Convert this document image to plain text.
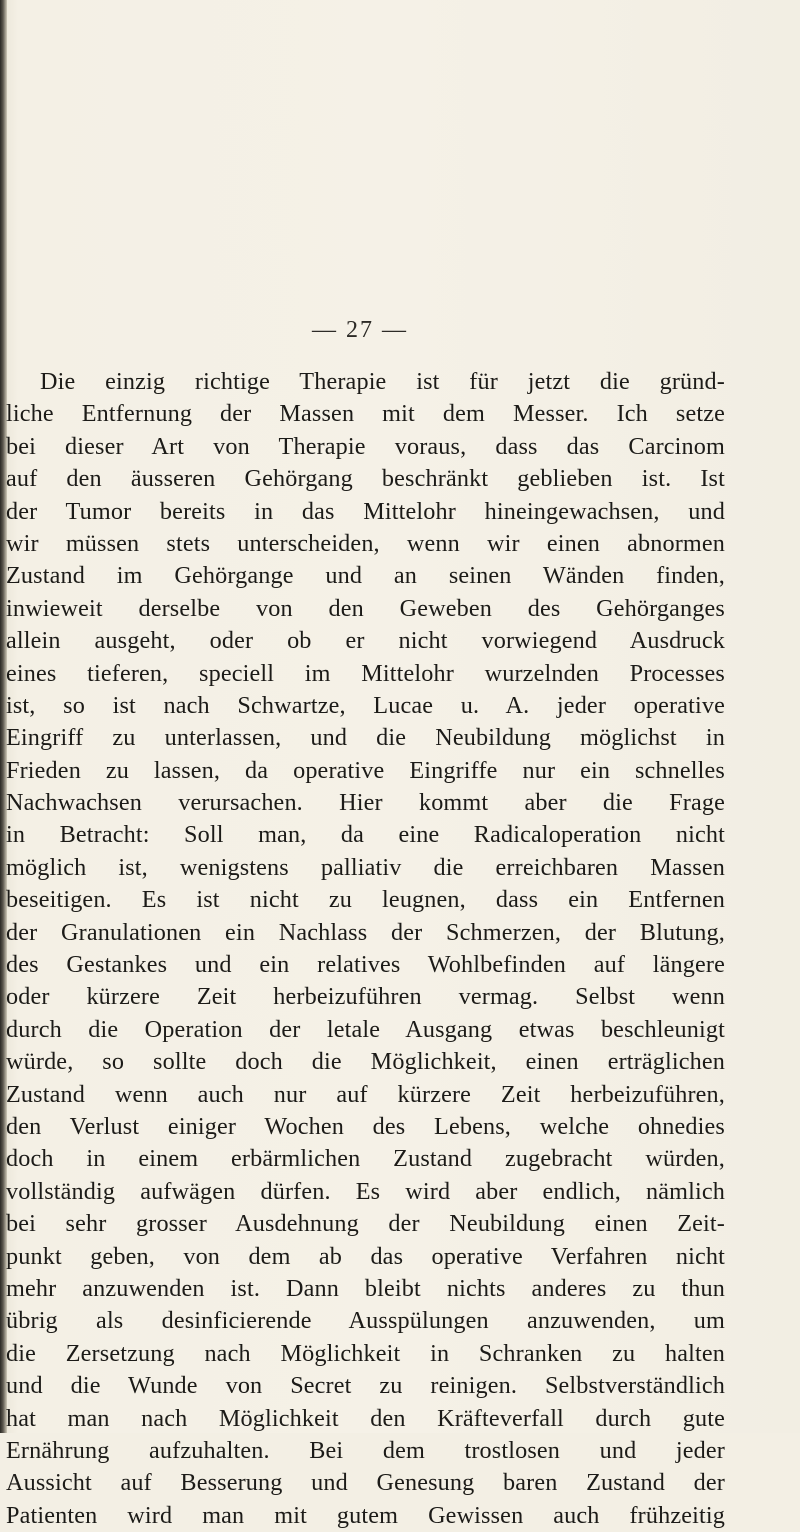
— 27 —
Die einzig richtige Therapie ist für jetzt die gründ-
liche Entfernung der Massen mit dem Messer. Ich setze
bei dieser Art von Therapie voraus, dass das Carcinom
auf den äusseren Gehörgang beschränkt geblieben ist. Ist
der Tumor bereits in das Mittelohr hineingewachsen, und
wir müssen stets unterscheiden, wenn wir einen abnormen
Zustand im Gehörgange und an seinen Wänden finden,
inwieweit derselbe von den Geweben des Gehörganges
allein ausgeht, oder ob er nicht vorwiegend Ausdruck
eines tieferen, speciell im Mittelohr wurzelnden Processes
ist, so ist nach Schwartze, Lucae u. A. jeder operative
Eingriff zu unterlassen, und die Neubildung möglichst in
Frieden zu lassen, da operative Eingriffe nur ein schnelles
Nachwachsen verursachen. Hier kommt aber die Frage
in Betracht: Soll man, da eine Radicaloperation nicht
möglich ist, wenigstens palliativ die erreichbaren Massen
beseitigen. Es ist nicht zu leugnen, dass ein Entfernen
der Granulationen ein Nachlass der Schmerzen, der Blutung,
des Gestankes und ein relatives Wohlbefinden auf längere
oder kürzere Zeit herbeizuführen vermag. Selbst wenn
durch die Operation der letale Ausgang etwas beschleunigt
würde, so sollte doch die Möglichkeit, einen erträglichen
Zustand wenn auch nur auf kürzere Zeit herbeizuführen,
den Verlust einiger Wochen des Lebens, welche ohnedies
doch in einem erbärmlichen Zustand zugebracht würden,
vollständig aufwägen dürfen. Es wird aber endlich, nämlich
bei sehr grosser Ausdehnung der Neubildung einen Zeit-
punkt geben, von dem ab das operative Verfahren nicht
mehr anzuwenden ist. Dann bleibt nichts anderes zu thun
übrig als desinficierende Ausspülungen anzuwenden, um
die Zersetzung nach Möglichkeit in Schranken zu halten
und die Wunde von Secret zu reinigen. Selbstverständlich
hat man nach Möglichkeit den Kräfteverfall durch gute
Ernährung aufzuhalten. Bei dem trostlosen und jeder
Aussicht auf Besserung und Genesung baren Zustand der
Patienten wird man mit gutem Gewissen auch frühzeitig
